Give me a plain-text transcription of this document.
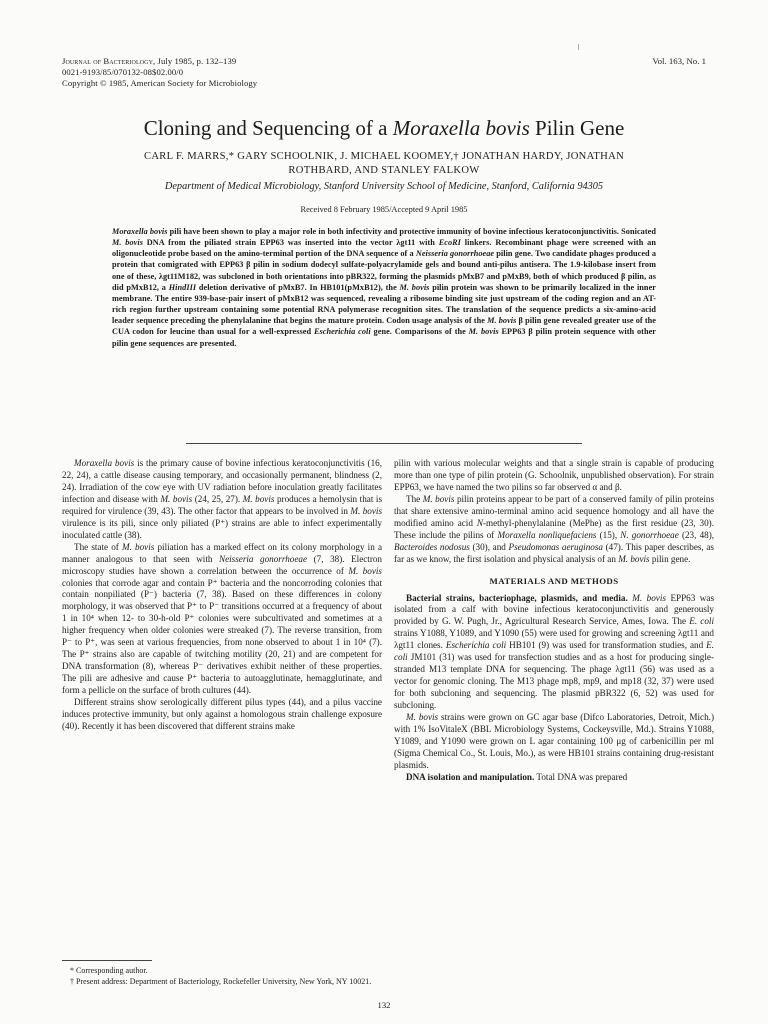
Journal of Bacteriology, July 1985, p. 132–139
0021-9193/85/070132-08$02.00/0
Copyright © 1985, American Society for Microbiology
Vol. 163, No. 1
Cloning and Sequencing of a Moraxella bovis Pilin Gene
CARL F. MARRS,* GARY SCHOOLNIK, J. MICHAEL KOOMEY,† JONATHAN HARDY, JONATHAN
ROTHBARD, AND STANLEY FALKOW
Department of Medical Microbiology, Stanford University School of Medicine, Stanford, California 94305
Received 8 February 1985/Accepted 9 April 1985
Moraxella bovis pili have been shown to play a major role in both infectivity and protective immunity of bovine infectious keratoconjunctivitis. Sonicated M. bovis DNA from the piliated strain EPP63 was inserted into the vector λgt11 with EcoRI linkers. Recombinant phage were screened with an oligonucleotide probe based on the amino-terminal portion of the DNA sequence of a Neisseria gonorrhoeae pilin gene. Two candidate phages produced a protein that comigrated with EPP63 β pilin in sodium dodecyl sulfate-polyacrylamide gels and bound anti-pilus antisera. The 1.9-kilobase insert from one of these, λgt11M182, was subcloned in both orientations into pBR322, forming the plasmids pMxB7 and pMxB9, both of which produced β pilin, as did pMxB12, a HindIII deletion derivative of pMxB7. In HB101(pMxB12), the M. bovis pilin protein was shown to be primarily localized in the inner membrane. The entire 939-base-pair insert of pMxB12 was sequenced, revealing a ribosome binding site just upstream of the coding region and an AT-rich region further upstream containing some potential RNA polymerase recognition sites. The translation of the sequence predicts a six-amino-acid leader sequence preceding the phenylalanine that begins the mature protein. Codon usage analysis of the M. bovis β pilin gene revealed greater use of the CUA codon for leucine than usual for a well-expressed Escherichia coli gene. Comparisons of the M. bovis EPP63 β pilin protein sequence with other pilin gene sequences are presented.

Moraxella bovis is the primary cause of bovine infectious keratoconjunctivitis (16, 22, 24), a cattle disease causing temporary, and occasionally permanent, blindness (2, 24). Irradiation of the cow eye with UV radiation before inoculation greatly facilitates infection and disease with M. bovis (24, 25, 27). M. bovis produces a hemolysin that is required for virulence (39, 43). The other factor that appears to be involved in M. bovis virulence is its pili, since only piliated (P⁺) strains are able to infect experimentally inoculated cattle (38).

The state of M. bovis piliation has a marked effect on its colony morphology in a manner analogous to that seen with Neisseria gonorrhoeae (7, 38). Electron microscopy studies have shown a correlation between the occurrence of M. bovis colonies that corrode agar and contain P⁺ bacteria and the noncorroding colonies that contain nonpiliated (P⁻) bacteria (7, 38). Based on these differences in colony morphology, it was observed that P⁺ to P⁻ transitions occurred at a frequency of about 1 in 10⁴ when 12- to 30-h-old P⁺ colonies were subcultivated and sometimes at a higher frequency when older colonies were streaked (7). The reverse transition, from P⁻ to P⁺, was seen at various frequencies, from none observed to about 1 in 10⁴ (7). The P⁺ strains also are capable of twitching motility (20, 21) and are competent for DNA transformation (8), whereas P⁻ derivatives exhibit neither of these properties. The pili are adhesive and cause P⁺ bacteria to autoagglutinate, hemagglutinate, and form a pellicle on the surface of broth cultures (44).

Different strains show serologically different pilus types (44), and a pilus vaccine induces protective immunity, but only against a homologous strain challenge exposure (40). Recently it has been discovered that different strains make

* Corresponding author.

† Present address: Department of Bacteriology, Rockefeller University, New York, NY 10021.

pilin with various molecular weights and that a single strain is capable of producing more than one type of pilin protein (G. Schoolnik, unpublished observation). For strain EPP63, we have named the two pilins so far observed α and β.

The M. bovis pilin proteins appear to be part of a conserved family of pilin proteins that share extensive amino-terminal amino acid sequence homology and all have the modified amino acid N-methyl-phenylalanine (MePhe) as the first residue (23, 30). These include the pilins of Moraxella nonliquefaciens (15), N. gonorrhoeae (23, 48), Bacteroides nodosus (30), and Pseudomonas aeruginosa (47). This paper describes, as far as we know, the first isolation and physical analysis of an M. bovis pilin gene.

MATERIALS AND METHODS

Bacterial strains, bacteriophage, plasmids, and media. M. bovis EPP63 was isolated from a calf with bovine infectious keratoconjunctivitis and generously provided by G. W. Pugh, Jr., Agricultural Research Service, Ames, Iowa. The E. coli strains Y1088, Y1089, and Y1090 (55) were used for growing and screening λgt11 and λgt11 clones. Escherichia coli HB101 (9) was used for transformation studies, and E. coli JM101 (31) was used for transfection studies and as a host for producing single-stranded M13 template DNA for sequencing. The phage λgt11 (56) was used as a vector for genomic cloning. The M13 phage mp8, mp9, and mp18 (32, 37) were used for both subcloning and sequencing. The plasmid pBR322 (6, 52) was used for subcloning.

M. bovis strains were grown on GC agar base (Difco Laboratories, Detroit, Mich.) with 1% IsoVitaleX (BBL Microbiology Systems, Cockeysville, Md.). Strains Y1088, Y1089, and Y1090 were grown on L agar containing 100 μg of carbenicillin per ml (Sigma Chemical Co., St. Louis, Mo.), as were HB101 strains containing drug-resistant plasmids.

DNA isolation and manipulation. Total DNA was prepared

132
